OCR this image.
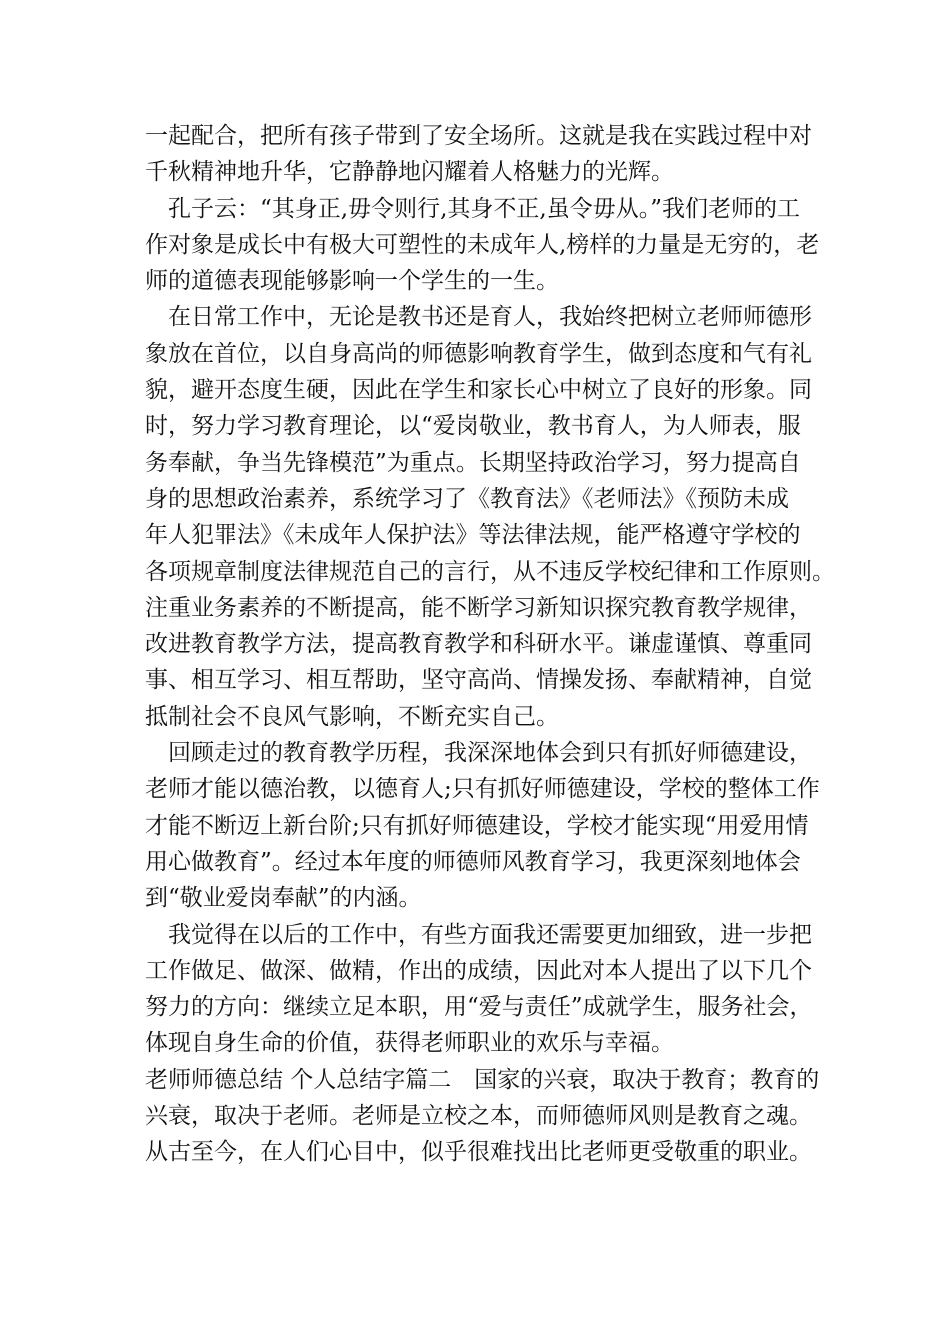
一起配合，把所有孩子带到了安全场所。这就是我在实践过程中对
千秋精神地升华，它静静地闪耀着人格魅力的光辉。
　孔子云：“其身正,毋令则行,其身不正,虽令毋从。”我们老师的工
作对象是成长中有极大可塑性的未成年人,榜样的力量是无穷的，老
师的道德表现能够影响一个学生的一生。
　在日常工作中，无论是教书还是育人，我始终把树立老师师德形
象放在首位，以自身高尚的师德影响教育学生，做到态度和气有礼
貌，避开态度生硬，因此在学生和家长心中树立了良好的形象。同
时，努力学习教育理论，以“爱岗敬业，教书育人，为人师表，服
务奉献，争当先锋模范”为重点。长期坚持政治学习，努力提高自
身的思想政治素养，系统学习了《教育法》《老师法》《预防未成
年人犯罪法》《未成年人保护法》等法律法规，能严格遵守学校的
各项规章制度法律规范自己的言行，从不违反学校纪律和工作原则。
注重业务素养的不断提高，能不断学习新知识探究教育教学规律，
改进教育教学方法，提高教育教学和科研水平。谦虚谨慎、尊重同
事、相互学习、相互帮助，坚守高尚、情操发扬、奉献精神，自觉
抵制社会不良风气影响，不断充实自己。
　回顾走过的教育教学历程，我深深地体会到只有抓好师德建设，
老师才能以德治教，以德育人;只有抓好师德建设，学校的整体工作
才能不断迈上新台阶;只有抓好师德建设，学校才能实现“用爱用情
用心做教育”。经过本年度的师德师风教育学习，我更深刻地体会
到“敬业爱岗奉献”的内涵。
　我觉得在以后的工作中，有些方面我还需要更加细致，进一步把
工作做足、做深、做精，作出的成绩，因此对本人提出了以下几个
努力的方向：继续立足本职，用“爱与责任”成就学生，服务社会，
体现自身生命的价值，获得老师职业的欢乐与幸福。
老师师德总结 个人总结字篇二　国家的兴衰，取决于教育；教育的
兴衰，取决于老师。老师是立校之本，而师德师风则是教育之魂。
从古至今，在人们心目中，似乎很难找出比老师更受敬重的职业。
